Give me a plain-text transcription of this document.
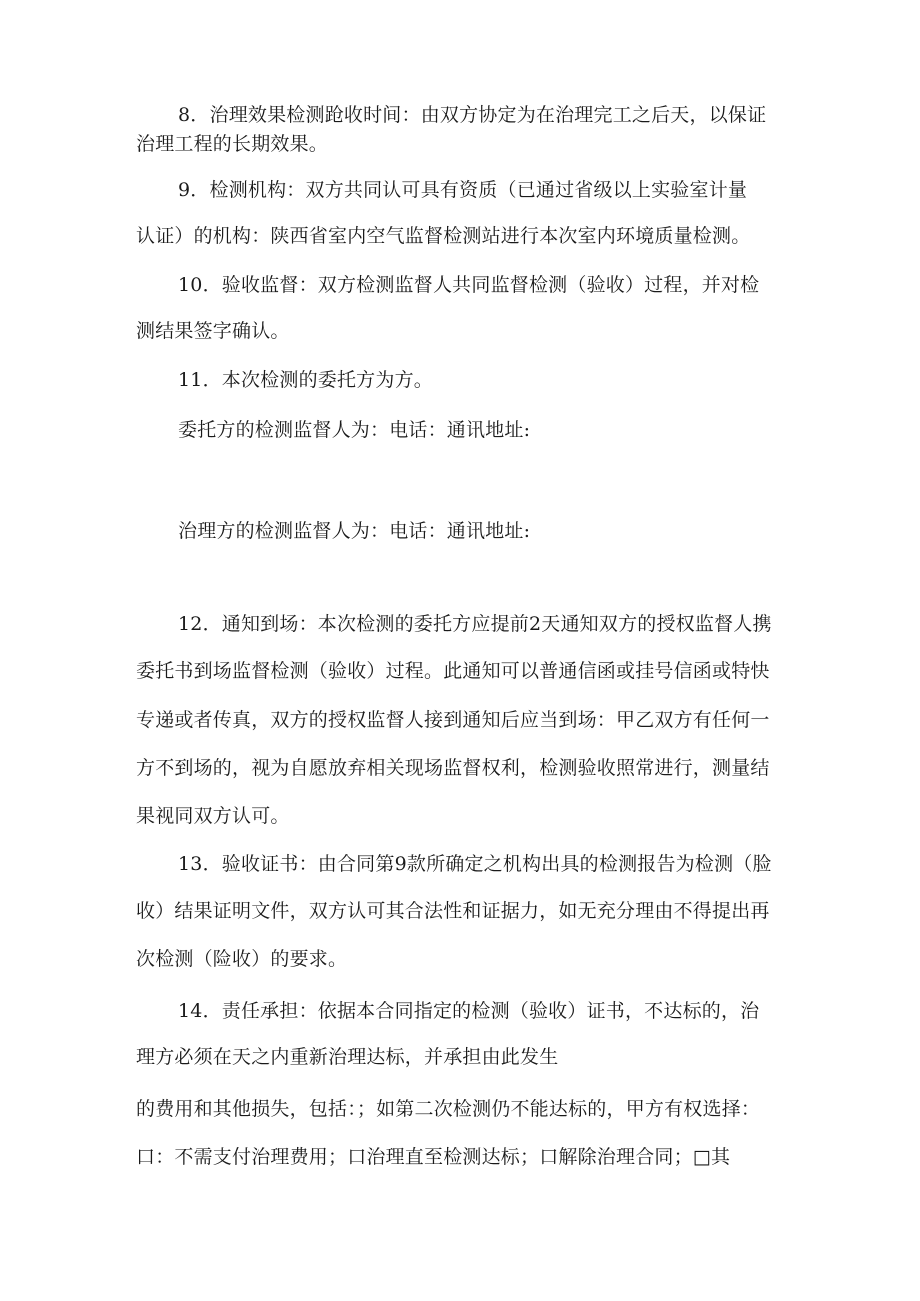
8．治理效果检测跄收时间：由双方协定为在治理完工之后天，以保证
治理工程的长期效果。
9．检测机构：双方共同认可具有资质（已通过省级以上实验室计量
认证）的机构：陕西省室内空气监督检测站进行本次室内环境质量检测。
10．验收监督：双方检测监督人共同监督检测（验收）过程，并对检
测结果签字确认。
11．本次检测的委托方为方。
委托方的检测监督人为：电话：通讯地址:
治理方的检测监督人为：电话：通讯地址:
12．通知到场：本次检测的委托方应提前2天通知双方的授权监督人携
委托书到场监督检测（验收）过程。此通知可以普通信函或挂号信函或特快
专递或者传真，双方的授权监督人接到通知后应当到场：甲乙双方有任何一
方不到场的，视为自愿放弃相关现场监督权利，检测验收照常进行，测量结
果视同双方认可。
13．验收证书：由合同第9款所确定之机构出具的检测报告为检测（脸
收）结果证明文件，双方认可其合法性和证据力，如无充分理由不得提出再
次检测（险收）的要求。
14．责任承担：依据本合同指定的检测（验收）证书，不达标的，治
理方必须在天之内重新治理达标，并承担由此发生
的费用和其他损失，包括：；如第二次检测仍不能达标的，甲方有权选择：
口：不需支付治理费用；口治理直至检测达标；口解除治理合同；□其
